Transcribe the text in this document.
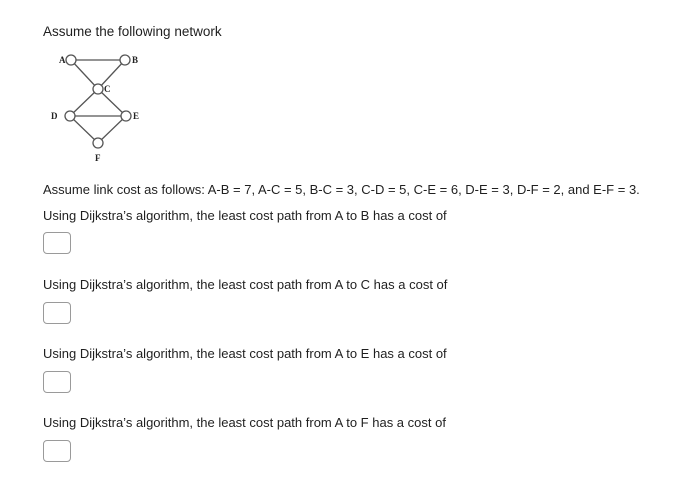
Assume the following network

A	B
C
D	E
F

Assume link cost as follows: A-B = 7, A-C = 5, B-C = 3, C-D = 5, C-E = 6, D-E = 3, D-F = 2, and E-F = 3.

Using Dijkstra’s algorithm, the least cost path from A to B has a cost of

Using Dijkstra’s algorithm, the least cost path from A to C has a cost of

Using Dijkstra’s algorithm, the least cost path from A to E has a cost of

Using Dijkstra’s algorithm, the least cost path from A to F has a cost of
